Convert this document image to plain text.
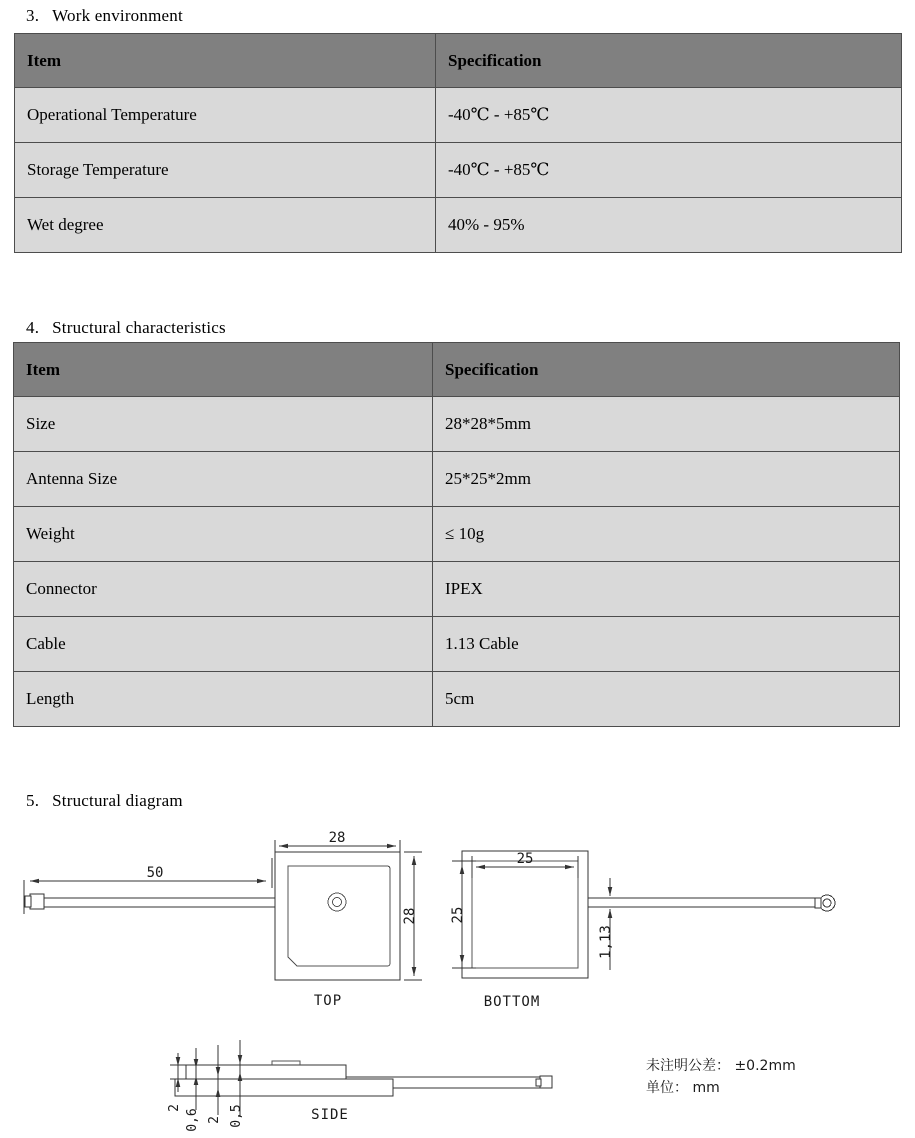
3. Work environment
Item	Specification
Operational Temperature	-40℃ - +85℃
Storage Temperature	-40℃ - +85℃
Wet degree	40% - 95%
4. Structural characteristics
Item	Specification
Size	28*28*5mm
Antenna Size	25*25*2mm
Weight	≤ 10g
Connector	IPEX
Cable	1.13 Cable
Length	5cm
5. Structural diagram
28
50
28
25
25
1,13
2
0,6 2 0,5
TOP	BOTTOM
SIDE
未注明公差： ±0.2mm
单位： mm
